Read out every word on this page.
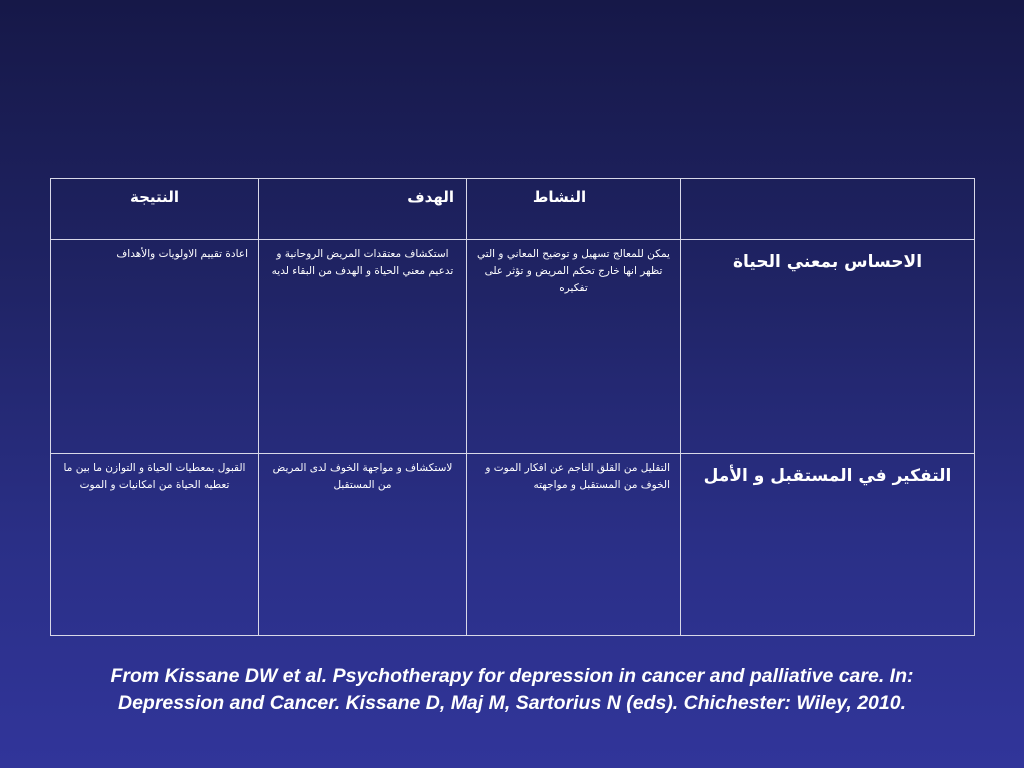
	النشاط	الهدف	النتيجة

الاحساس بمعني الحياة	يمكن للمعالج تسهيل و توضيح المعاني و التي تظهر انها خارج تحكم المريض و تؤثر على تفكيره	استكشاف معتقدات المريض الروحانية و تدعيم معني الحياة و الهدف من البقاء لديه	اعادة تقييم الاولويات والأهداف

التفكير في المستقبل و الأمل	التقليل من القلق الناجم عن افكار الموت و الخوف من المستقبل و مواجهته	لاستكشاف و مواجهة الخوف لدى المريض من المستقبل	القبول بمعطيات الحياة و التوازن ما بين ما تعطيه الحياة من امكانيات و الموت
From Kissane DW et al. Psychotherapy for depression in cancer and palliative care. In:
Depression and Cancer. Kissane D, Maj M, Sartorius N (eds). Chichester: Wiley, 2010.
